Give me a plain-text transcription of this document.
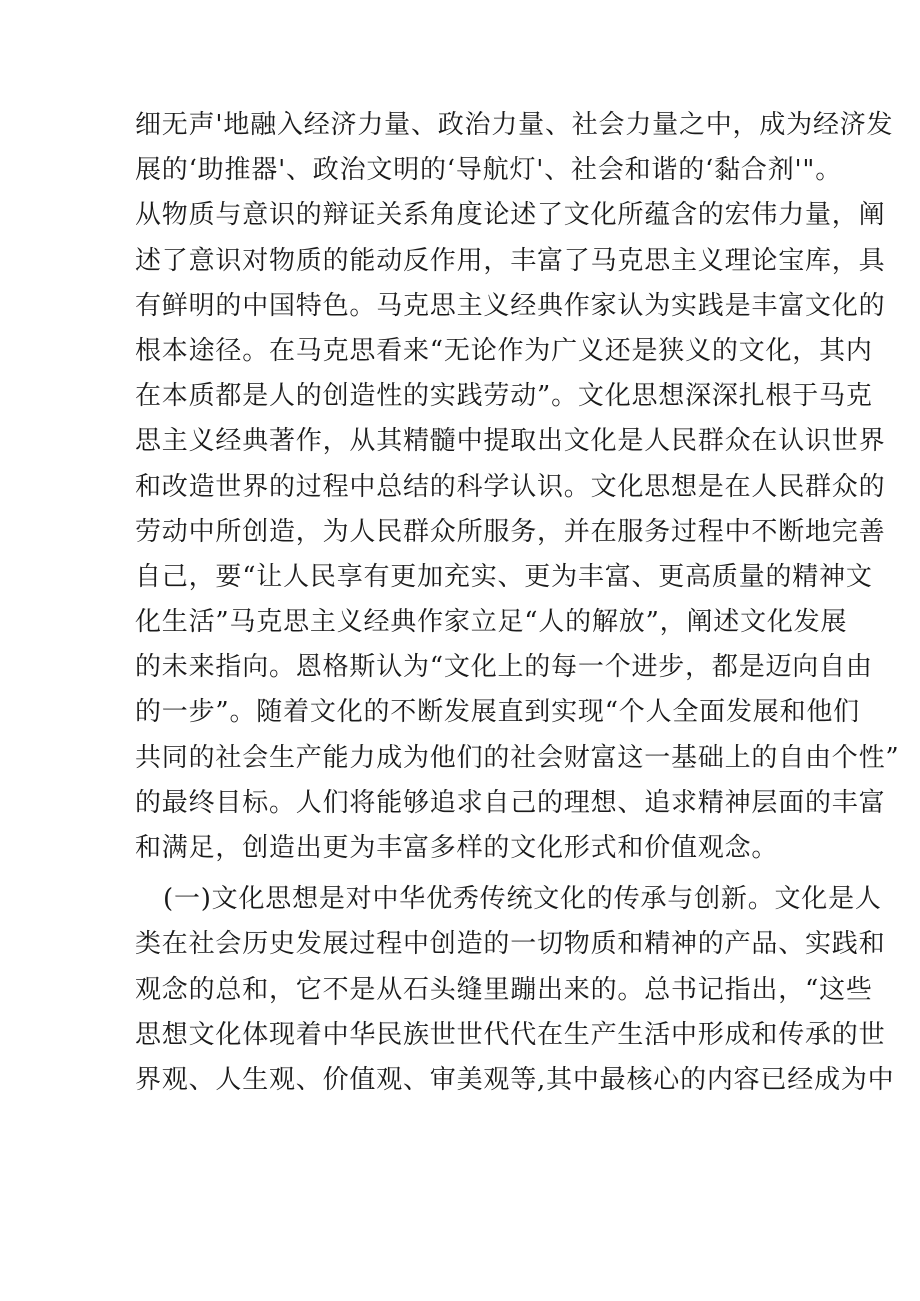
细无声'地融入经济力量、政治力量、社会力量之中，成为经济发
展的‘助推器'、政治文明的‘导航灯'、社会和谐的‘黏合剂'"。
从物质与意识的辩证关系角度论述了文化所蕴含的宏伟力量，阐
述了意识对物质的能动反作用，丰富了马克思主义理论宝库，具
有鲜明的中国特色。马克思主义经典作家认为实践是丰富文化的
根本途径。在马克思看来“无论作为广义还是狭义的文化，其内
在本质都是人的创造性的实践劳动”。文化思想深深扎根于马克
思主义经典著作，从其精髓中提取出文化是人民群众在认识世界
和改造世界的过程中总结的科学认识。文化思想是在人民群众的
劳动中所创造，为人民群众所服务，并在服务过程中不断地完善
自己，要“让人民享有更加充实、更为丰富、更高质量的精神文
化生活”马克思主义经典作家立足“人的解放”，阐述文化发展
的未来指向。恩格斯认为“文化上的每一个进步，都是迈向自由
的一步”。随着文化的不断发展直到实现“个人全面发展和他们
共同的社会生产能力成为他们的社会财富这一基础上的自由个性”
的最终目标。人们将能够追求自己的理想、追求精神层面的丰富
和满足，创造出更为丰富多样的文化形式和价值观念。
(一)文化思想是对中华优秀传统文化的传承与创新。文化是人
类在社会历史发展过程中创造的一切物质和精神的产品、实践和
观念的总和，它不是从石头缝里蹦出来的。总书记指出，“这些
思想文化体现着中华民族世世代代在生产生活中形成和传承的世
界观、人生观、价值观、审美观等,其中最核心的内容已经成为中
